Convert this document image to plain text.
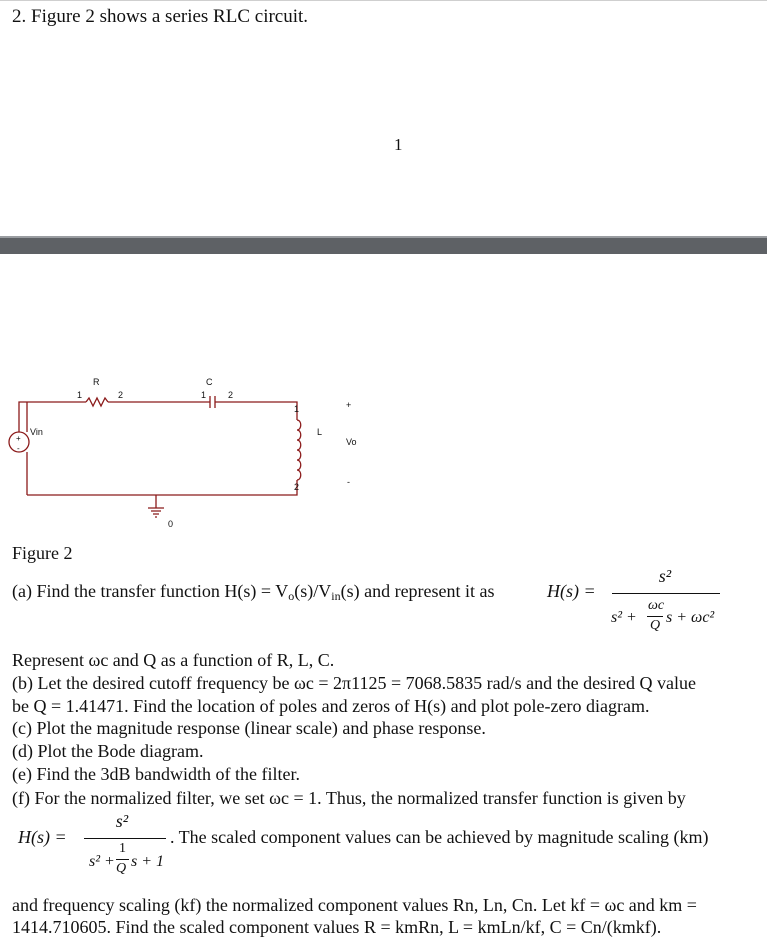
2. Figure 2 shows a series RLC circuit.
1
R
1	2
C
1 2
1
L
2
Vin
+
-
+
Vo
-
0
Figure 2
(a) Find the transfer function $H(s) = V_o(s)/V_{in}(s)$ and represent it as	H(s) =
s²
s² +
ωc
Q s + ωc²
Represent ωc and Q as a function of R, L, C.
(b) Let the desired cutoff frequency be ωc = 2π1125 = 7068.5835 rad/s and the desired Q value
be Q = 1.41471. Find the location of poles and zeros of H(s) and plot pole-zero diagram.
(c) Plot the magnitude response (linear scale) and phase response.
(d) Plot the Bode diagram.
(e) Find the 3dB bandwidth of the filter.
(f) For the normalized filter, we set ωc = 1. Thus, the normalized transfer function is given by
H(s) =
s²
s² +
1
Q s + 1
. The scaled component values can be achieved by magnitude scaling (km)
and frequency scaling (kf) the normalized component values Rn, Ln, Cn. Let kf = ωc and km =
1414.710605. Find the scaled component values R = kmRn, L = kmLn/kf, C = Cn/(kmkf).
